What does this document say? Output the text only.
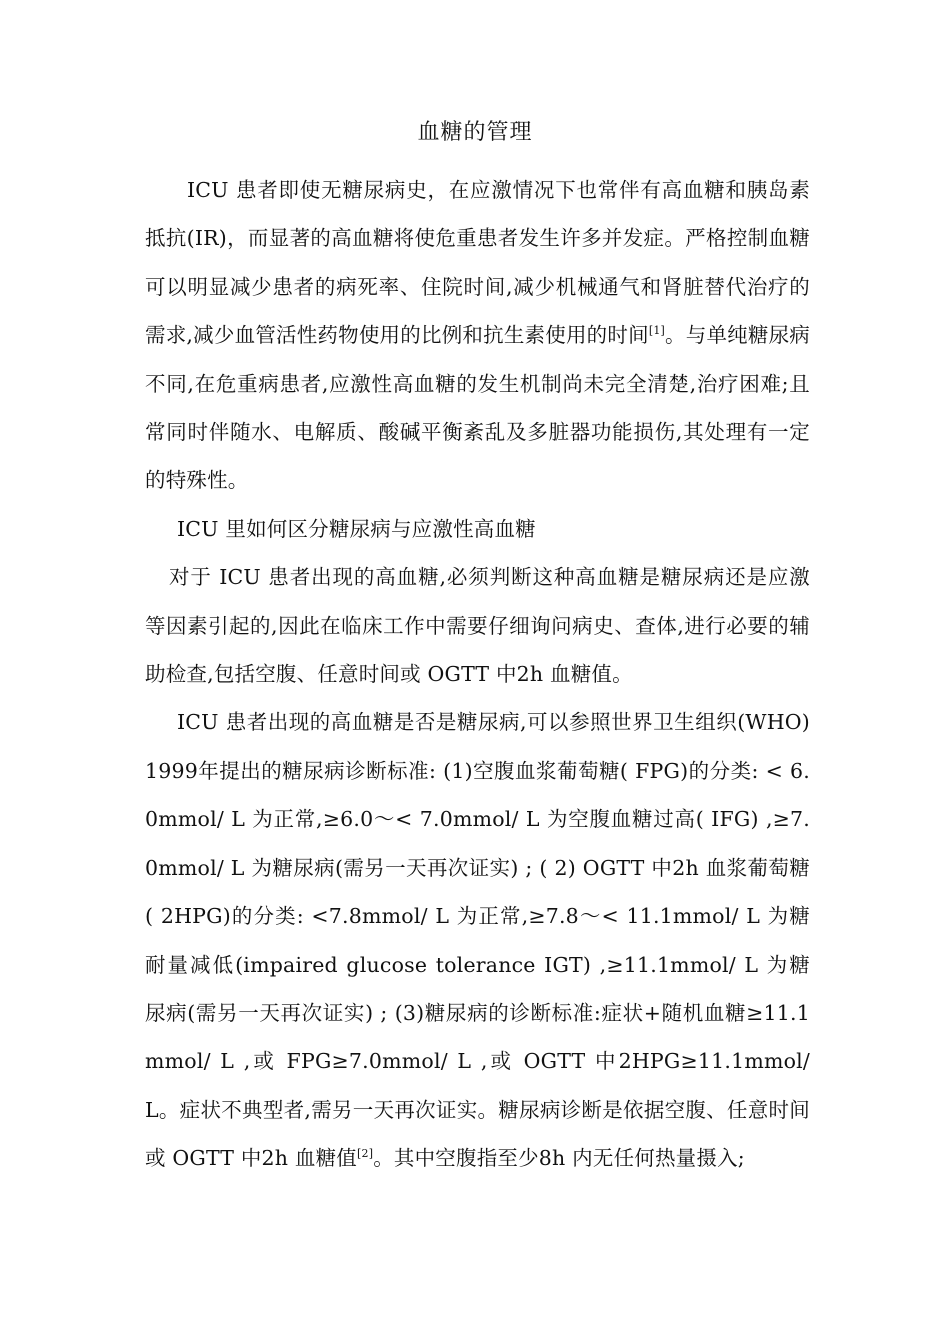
血糖的管理

ICU 患者即使无糖尿病史，在应激情况下也常伴有高血糖和胰岛素抵抗(IR)，而显著的高血糖将使危重患者发生许多并发症。严格控制血糖可以明显减少患者的病死率、住院时间,减少机械通气和肾脏替代治疗的需求,减少血管活性药物使用的比例和抗生素使用的时间[1]。与单纯糖尿病不同,在危重病患者,应激性高血糖的发生机制尚未完全清楚,治疗困难;且常同时伴随水、电解质、酸碱平衡紊乱及多脏器功能损伤,其处理有一定的特殊性。

ICU 里如何区分糖尿病与应激性高血糖

对于 ICU 患者出现的高血糖,必须判断这种高血糖是糖尿病还是应激等因素引起的,因此在临床工作中需要仔细询问病史、查体,进行必要的辅助检查,包括空腹、任意时间或 OGTT 中2h 血糖值。

ICU 患者出现的高血糖是否是糖尿病,可以参照世界卫生组织(WHO) 1999年提出的糖尿病诊断标准: (1)空腹血浆葡萄糖( FPG)的分类: < 6.0mmol/ L 为正常,≥6.0～< 7.0mmol/ L 为空腹血糖过高( IFG) ,≥7.0mmol/ L 为糖尿病(需另一天再次证实) ; ( 2) OGTT 中2h 血浆葡萄糖( 2HPG)的分类: <7.8mmol/ L 为正常,≥7.8～< 11.1mmol/ L 为糖耐量减低(impaired glucose tolerance IGT) ,≥11.1mmol/ L 为糖尿病(需另一天再次证实) ; (3)糖尿病的诊断标准:症状+随机血糖≥11.1mmol/ L ,或 FPG≥7.0mmol/ L ,或 OGTT 中2HPG≥11.1mmol/ L。症状不典型者,需另一天再次证实。糖尿病诊断是依据空腹、任意时间或 OGTT 中2h 血糖值[2]。其中空腹指至少8h 内无任何热量摄入;
